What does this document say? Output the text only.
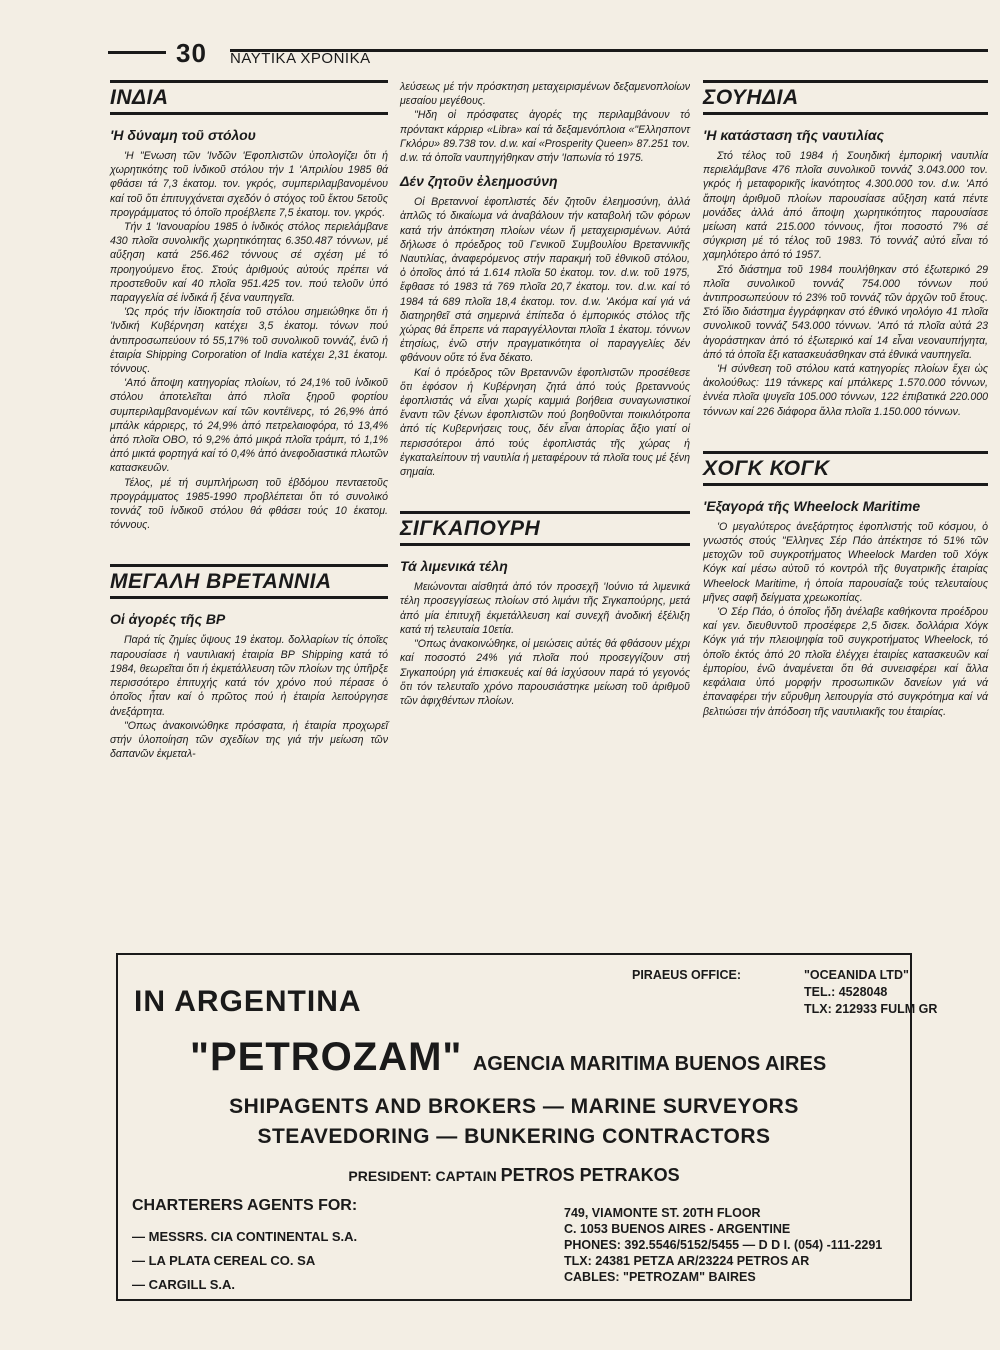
30 ΝΑΥΤΙΚΑ ΧΡΟΝΙΚΑ
ΙΝΔΙΑ
'Η δύναμη τοῦ στόλου

'Η "Ενωση τῶν 'Ινδῶν 'Εφοπλιστῶν ὑπολογίζει ὅτι ἡ χωρητικότης τοῦ ἰνδικοῦ στόλου τήν 1 'Απριλίου 1985 θά φθάσει τά 7,3 ἑκατομ. τον. γκρός, συμπεριλαμβανομένου καί τοῦ ὅτι ἐπιτυγχάνεται σχεδόν ὁ στόχος τοῦ ἕκτου 5ετοῦς προγράμματος τό ὁποῖο προέβλεπε 7,5 ἑκατομ. τον. γκρός.

Τήν 1 'Ιανουαρίου 1985 ὁ ἰνδικός στόλος περιελάμβανε 430 πλοῖα συνολικῆς χωρητικότητας 6.350.487 τόννων, μέ αὔξηση κατά 256.462 τόννους σέ σχέση μέ τό προηγούμενο ἔτος. Στούς ἀριθμούς αὐτούς πρέπει νά προστεθοῦν καί 40 πλοῖα 951.425 τον. πού τελοῦν ὑπό παραγγελία σέ ἰνδικά ἤ ξένα ναυπηγεῖα.

'Ως πρός τήν ἰδιοκτησία τοῦ στόλου σημειώθηκε ὅτι ἡ 'Ινδική Κυβέρνηση κατέχει 3,5 ἑκατομ. τόνων πού ἀντιπροσωπεύουν τό 55,17% τοῦ συνολικοῦ τοννάζ, ἐνῶ ἡ ἑταιρία Shipping Corporation of India κατέχει 2,31 ἑκατομ. τόννους.

'Από ἄποψη κατηγορίας πλοίων, τό 24,1% τοῦ ἰνδικοῦ στόλου ἀποτελεῖται ἀπό πλοῖα ξηροῦ φορτίου συμπεριλαμβανομένων καί τῶν κοντέϊνερς, τό 26,9% ἀπό μπάλκ κάρριερς, τό 24,9% ἀπό πετρελαιοφόρα, τό 13,4% ἀπό πλοῖα OBO, τό 9,2% ἀπό μικρά πλοῖα τράμπ, τό 1,1% ἀπό μικτά φορτηγά καί τό 0,4% ἀπό ἀνεφοδιαστικά πλωτῶν κατασκευῶν.

Τέλος, μέ τή συμπλήρωση τοῦ ἑβδόμου πενταετοῦς προγράμματος 1985-1990 προβλέπεται ὅτι τό συνολικό τοννάζ τοῦ ἰνδικοῦ στόλου θά φθάσει τούς 10 ἑκατομ. τόννους.

ΜΕΓΑΛΗ ΒΡΕΤΑΝΝΙΑ
Οἱ ἀγορές τῆς ΒΡ

Παρά τίς ζημίες ὕψους 19 ἑκατομ. δολλαρίων τίς ὁποῖες παρουσίασε ἡ ναυτιλιακή ἑταιρία BP Shipping κατά τό 1984, θεωρεῖται ὅτι ἡ ἐκμετάλλευση τῶν πλοίων της ὑπῆρξε περισσότερο ἐπιτυχής κατά τόν χρόνο πού πέρασε ὁ ὁποῖος ἦταν καί ὁ πρῶτος πού ἡ ἑταιρία λειτούργησε ἀνεξάρτητα.

"Οπως ἀνακοινώθηκε πρόσφατα, ἡ ἑταιρία προχωρεῖ στήν ὑλοποίηση τῶν σχεδίων της γιά τήν μείωση τῶν δαπανῶν ἐκμεταλ-

λεύσεως μέ τήν πρόσκτηση μεταχειρισμένων δεξαμενοπλοίων μεσαίου μεγέθους.

"Ηδη οἱ πρόσφατες ἀγορές της περιλαμβάνουν τό πρόντακτ κάρριερ «Libra» καί τά δεξαμενόπλοια «"Ελλησποντ Γκλόρυ» 89.738 τον. d.w. καί «Prosperity Queen» 87.251 τον. d.w. τά ὁποῖα ναυπηγήθηκαν στήν 'Ιαπωνία τό 1975.

Δέν ζητοῦν ἐλεημοσύνη

Οἱ Βρεταννοί ἐφοπλιστές δέν ζητοῦν ἐλεημοσύνη, ἀλλά ἁπλῶς τό δικαίωμα νά ἀναβάλουν τήν καταβολή τῶν φόρων κατά τήν ἀπόκτηση πλοίων νέων ἤ μεταχειρισμένων. Αὐτά δήλωσε ὁ πρόεδρος τοῦ Γενικοῦ Συμβουλίου Βρεταννικῆς Ναυτιλίας, ἀναφερόμενος στήν παρακμή τοῦ ἐθνικοῦ στόλου, ὁ ὁποῖος ἀπό τά 1.614 πλοῖα 50 ἑκατομ. τον. d.w. τοῦ 1975, ἔφθασε τό 1983 τά 769 πλοῖα 20,7 ἑκατομ. τον. d.w. καί τό 1984 τά 689 πλοῖα 18,4 ἑκατομ. τον. d.w. 'Ακόμα καί γιά νά διατηρηθεῖ στά σημερινά ἐπίπεδα ὁ ἐμπορικός στόλος τῆς χώρας θά ἔπρεπε νά παραγγέλλονται πλοῖα 1 ἑκατομ. τόννων ἐτησίως, ἐνῶ στήν πραγματικότητα οἱ παραγγελίες δέν φθάνουν οὔτε τό ἕνα δέκατο.

Καί ὁ πρόεδρος τῶν Βρεταννῶν ἐφοπλιστῶν προσέθεσε ὅτι ἐφόσον ἡ Κυβέρνηση ζητά ἀπό τούς βρεταννούς ἐφοπλιστάς νά εἶναι χωρίς καμμιά βοήθεια συναγωνιστικοί ἔναντι τῶν ξένων ἐφοπλιστῶν πού βοηθοῦνται ποικιλότροπα ἀπό τίς Κυβερνήσεις τους, δέν εἶναι ἀπορίας ἄξιο γιατί οἱ περισσότεροι ἀπό τούς ἐφοπλιστάς τῆς χώρας ἡ ἐγκαταλείπουν τή ναυτιλία ἡ μεταφέρουν τά πλοῖα τους μέ ξένη σημαία.

ΣΙΓΚΑΠΟΥΡΗ
Τά λιμενικά τέλη

Μειώνονται αἰσθητά ἀπό τόν προσεχῆ 'Ιούνιο τά λιμενικά τέλη προσεγγίσεως πλοίων στό λιμάνι τῆς Σιγκαπούρης, μετά ἀπό μία ἐπιτυχῆ ἐκμετάλλευση καί συνεχῆ ἀνοδική ἐξέλιξη κατά τή τελευταία 10ετία.

"Οπως ἀνακοινώθηκε, οἱ μειώσεις αὐτές θά φθάσουν μέχρι καί ποσοστό 24% γιά πλοῖα πού προσεγγίζουν στή Σιγκαπούρη γιά ἐπισκευές καί θά ἰσχύσουν παρά τό γεγονός ὅτι τόν τελευταῖο χρόνο παρουσιάστηκε μείωση τοῦ ἀριθμοῦ τῶν ἀφιχθέντων πλοίων.

ΣΟΥΗΔΙΑ
'Η κατάσταση τῆς ναυτιλίας

Στό τέλος τοῦ 1984 ἡ Σουηδική ἐμπορική ναυτιλία περιελάμβανε 476 πλοῖα συνολικοῦ τοννάζ 3.043.000 τον. γκρός ἡ μεταφορικῆς ἱκανότητος 4.300.000 τον. d.w. 'Από ἄποψη ἀριθμοῦ πλοίων παρουσίασε αὔξηση κατά πέντε μονάδες ἀλλά ἀπό ἄποψη χωρητικότητος παρουσίασε μείωση κατά 215.000 τόννους, ἤτοι ποσοστό 7% σέ σύγκριση μέ τό τέλος τοῦ 1983. Τό τοννάζ αὐτό εἶναι τό χαμηλότερο ἀπό τό 1957.

Στό διάστημα τοῦ 1984 πουλήθηκαν στό ἐξωτερικό 29 πλοῖα συνολικοῦ τοννάζ 754.000 τόννων πού ἀντιπροσωπεύουν τό 23% τοῦ τοννάζ τῶν ἀρχῶν τοῦ ἔτους. Στό ἴδιο διάστημα ἐγγράφηκαν στό ἐθνικό νηολόγιο 41 πλοῖα συνολικοῦ τοννάζ 543.000 τόννων. 'Από τά πλοῖα αὐτά 23 ἀγοράστηκαν ἀπό τό ἐξωτερικό καί 14 εἶναι νεοναυπήγητα, ἀπό τά ὁποῖα ἕξι κατασκευάσθηκαν στά ἐθνικά ναυπηγεῖα.

'Η σύνθεση τοῦ στόλου κατά κατηγορίες πλοίων ἔχει ὡς ἀκολούθως: 119 τάνκερς καί μπάλκερς 1.570.000 τόννων, ἐννέα πλοῖα ψυγεῖα 105.000 τόννων, 122 ἐπιβατικά 220.000 τόννων καί 226 διάφορα ἄλλα πλοῖα 1.150.000 τόννων.

ΧΟΓΚ ΚΟΓΚ
'Εξαγορά τῆς Wheelock Maritime

'Ο μεγαλύτερος ἀνεξάρτητος ἐφοπλιστής τοῦ κόσμου, ὁ γνωστός στούς "Ελληνες Σέρ Πάο ἀπέκτησε τό 51% τῶν μετοχῶν τοῦ συγκροτήματος Wheelock Marden τοῦ Χόγκ Κόγκ καί μέσω αὐτοῦ τό κοντρόλ τῆς θυγατρικῆς ἑταιρίας Wheelock Maritime, ἡ ὁποία παρουσίαζε τούς τελευταίους μῆνες σαφῆ δείγματα χρεωκοπίας.

'Ο Σέρ Πάο, ὁ ὁποῖος ἤδη ἀνέλαβε καθήκοντα προέδρου καί γεν. διευθυντοῦ προσέφερε 2,5 δισεκ. δολλάρια Χόγκ Κόγκ γιά τήν πλειοψηφία τοῦ συγκροτήματος Wheelock, τό ὁποῖο ἐκτός ἀπό 20 πλοῖα ἐλέγχει ἑταιρίες κατασκευῶν καί ἐμπορίου, ἐνῶ ἀναμένεται ὅτι θά συνεισφέρει καί ἄλλα κεφάλαια ὑπό μορφήν προσωπικῶν δανείων γιά νά ἐπαναφέρει τήν εὔρυθμη λειτουργία στό συγκρότημα καί νά βελτιώσει τήν ἀπόδοση τῆς ναυτιλιακῆς του ἑταιρίας.

IN ARGENTINA
PIRAEUS OFFICE:	"OCEANIDA LTD"
TEL.: 4528048
TLX: 212933 FULM GR
"PETROZAM" AGENCIA MARITIMA BUENOS AIRES
SHIPAGENTS AND BROKERS — MARINE SURVEYORS
STEAVEDORING — BUNKERING CONTRACTORS
PRESIDENT: CAPTAIN PETROS PETRAKOS
CHARTERERS AGENTS FOR:
— MESSRS. CIA CONTINENTAL S.A.
— LA PLATA CEREAL CO. SA
— CARGILL S.A.
749, VIAMONTE ST. 20TH FLOOR
C. 1053 BUENOS AIRES - ARGENTINE
PHONES: 392.5546/5152/5455 — D D I. (054) -111-2291
TLX: 24381 PETZA AR/23224 PETROS AR
CABLES: "PETROZAM" BAIRES
